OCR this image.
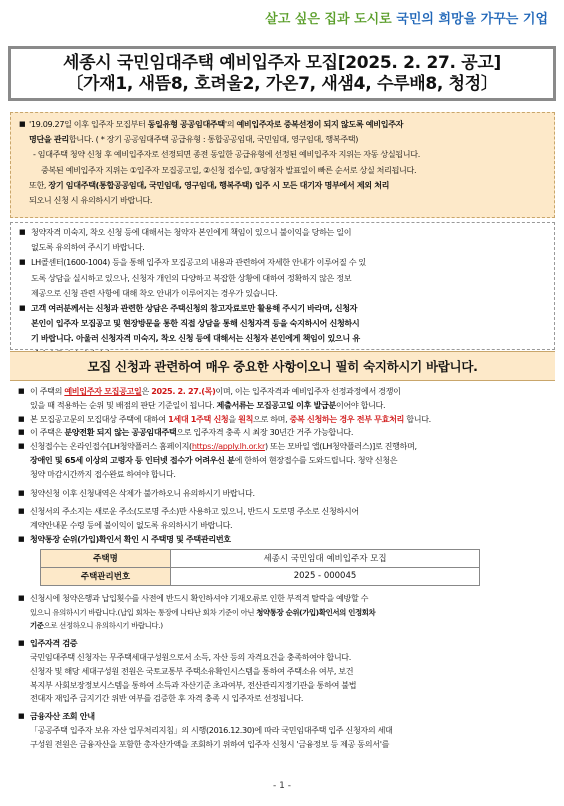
살고 싶은 집과 도시로 국민의 희망을 가꾸는 기업
세종시 국민임대주택 예비입주자 모집[2025. 2. 27. 공고]
〔가재1, 새뜸8, 호려울2, 가온7, 새샘4, 수루배8, 청정〕
■ '19.09.27일 이후 입주자 모집부터 동일유형 공공임대주택'의 예비입주자로 중복선정이 되지 않도록 예비입주자
명단을 관리합니다. ( * 장기 공공임대주택 공급유형 : 통합공공임대, 국민임대, 영구임대, 행복주택)
- 임대주택 청약 신청 후 예비입주자로 선정되면 종전 동일한 공급유형에 선정된 예비입주자 지위는 자동 상실됩니다.
중복된 예비입주자 지위는 ①입주자 모집공고일, ②신청 접수일, ③당첨자 발표일이 빠른 순서로 상실 처리됩니다.
또한, 장기 임대주택(통합공공임대, 국민임대, 영구임대, 행복주택) 입주 시 모든 대기자 명부에서 제외 처리
되오니 신청 시 유의하시기 바랍니다.
■ 청약자격 미숙지, 착오 신청 등에 대해서는 청약자 본인에게 책임이 있으니 불이익을 당하는 일이
없도록 유의하여 주시기 바랍니다.
■ LH콜센터(1600-1004) 등을 통해 입주자 모집공고의 내용과 관련하여 자세한 안내가 이루어질 수 있
도록 상담을 실시하고 있으나, 신청자 개인의 다양하고 복잡한 상황에 대하여 정확하지 않은 정보
제공으로 신청 관련 사항에 대해 착오 안내가 이루어지는 경우가 있습니다.
■ 고객 여러분께서는 신청과 관련한 상담은 주택신청의 참고자료로만 활용해 주시기 바라며, 신청자
본인이 입주자 모집공고 및 현장방문을 통한 직접 상담을 통해 신청자격 등을 숙지하시어 신청하시
기 바랍니다. 아울러 신청자격 미숙지, 착오 신청 등에 대해서는 신청자 본인에게 책임이 있으니 유
모집 신청과 관련하여 매우 중요한 사항이오니 필히 숙지하시기 바랍니다.
■ 이 주택의 예비입주자 모집공고일은 2025. 2. 27.(목)이며, 이는 입주자격과 예비입주자 선정과정에서 경쟁이
있을 때 적용하는 순위 및 배점의 판단 기준일이 됩니다. 제출서류는 모집공고일 이후 발급분이어야 합니다.
■ 본 모집공고문의 모집대상 주택에 대하여 1세대 1주택 신청을 원칙으로 하며, 중복 신청하는 경우 전부 무효처리 합니다.
■ 이 주택은 분양전환 되지 않는 공공임대주택으로 입주자격 충족 시 최장 30년간 거주 가능합니다.
■ 신청접수는 온라인접수[LH청약플러스 홈페이지(https://apply.lh.or.kr) 또는 모바일 앱(LH청약플러스)]로 진행하며,
장애인 및 65세 이상의 고령자 등 인터넷 접수가 어려우신 분에 한하여 현장접수를 도와드립니다. 청약 신청은
청약 마감시간까지 접수완료 하여야 합니다.
■ 청약신청 이후 신청내역은 삭제가 불가하오니 유의하시기 바랍니다.
■ 신청서의 주소지는 새로운 주소(도로명 주소)만 사용하고 있으니, 반드시 도로명 주소로 신청하시어
계약안내문 수령 등에 불이익이 없도록 유의하시기 바랍니다.
■ 청약통장 순위(가입)확인서 확인 시 주택명 및 주택관리번호
주택명	세종시 국민임대 예비입주자 모집
주택관리번호	2025 - 000045
■ 신청시에 청약은행과 납입횟수를 사전에 반드시 확인하셔야 기재오류로 인한 부적격 탈락을 예방할 수
있으니 유의하시기 바랍니다.(납입 회차는 통장에 나타난 회차 기준이 아닌 청약통장 순위(가입)확인서의 인정회차
기준으로 선정하오니 유의하시기 바랍니다.)
■ 입주자격 검증
국민임대주택 신청자는 무주택세대구성원으로서 소득, 자산 등의 자격요건을 충족하여야 합니다.
신청자 및 해당 세대구성원 전원은 국토교통부 주택소유확인시스템을 통하여 주택소유 여부, 보건
복지부 사회보장정보시스템을 통하여 소득과 자산기준 초과여부, 전산관리지정기관을 통하여 불법
전대자 재입주 금지기간 위반 여부를 검증한 후 자격 충족 시 입주자로 선정됩니다.
■ 금융자산 조회 안내
「공공주택 입주자 보유 자산 업무처리지침」의 시행(2016.12.30)에 따라 국민임대주택 입주 신청자의 세대
구성원 전원은 금융자산을 포함한 총자산가액을 조회하기 위하여 입주자 신청시 '금융정보 등 제공 동의서'를
- 1 -
